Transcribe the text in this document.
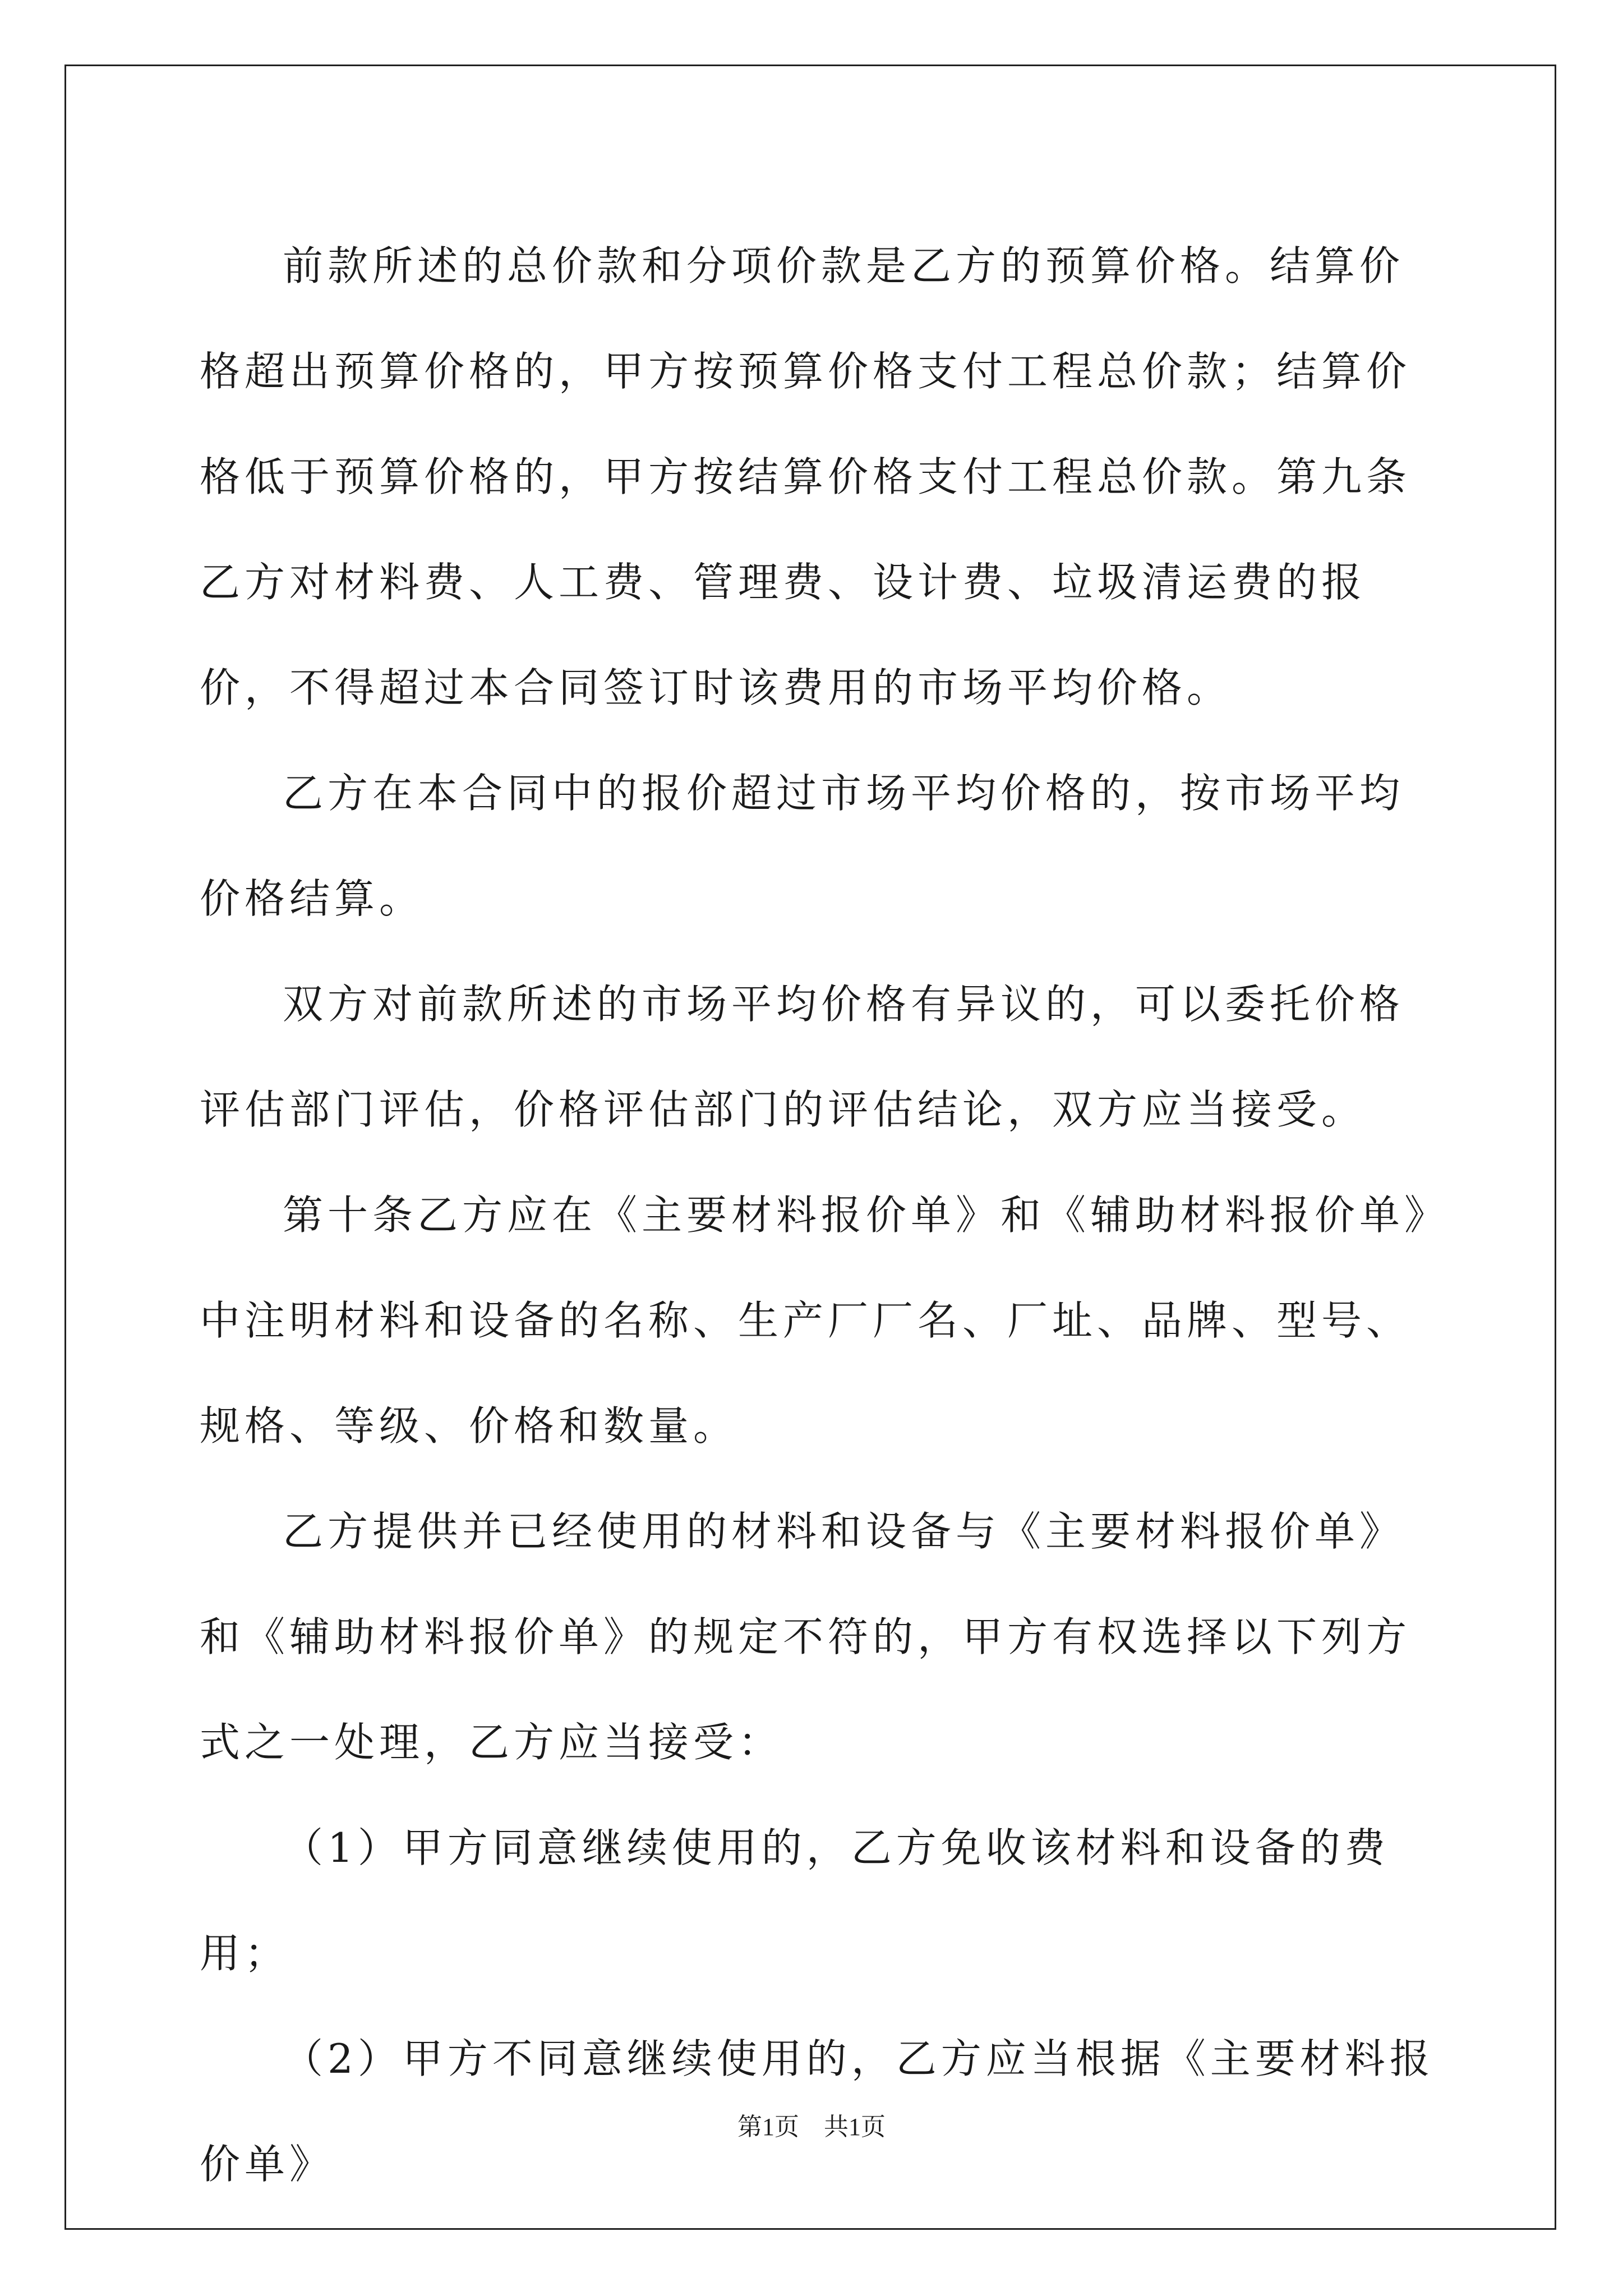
前款所述的总价款和分项价款是乙方的预算价格。结算价格超出预算价格的，甲方按预算价格支付工程总价款；结算价格低于预算价格的，甲方按结算价格支付工程总价款。第九条乙方对材料费、人工费、管理费、设计费、垃圾清运费的报价，不得超过本合同签订时该费用的市场平均价格。

乙方在本合同中的报价超过市场平均价格的，按市场平均价格结算。

双方对前款所述的市场平均价格有异议的，可以委托价格评估部门评估，价格评估部门的评估结论，双方应当接受。

第十条乙方应在《主要材料报价单》和《辅助材料报价单》中注明材料和设备的名称、生产厂厂名、厂址、品牌、型号、规格、等级、价格和数量。

乙方提供并已经使用的材料和设备与《主要材料报价单》和《辅助材料报价单》的规定不符的，甲方有权选择以下列方式之一处理，乙方应当接受：

（1）甲方同意继续使用的，乙方免收该材料和设备的费用；

（2）甲方不同意继续使用的，乙方应当根据《主要材料报价单》

第1页　共1页
